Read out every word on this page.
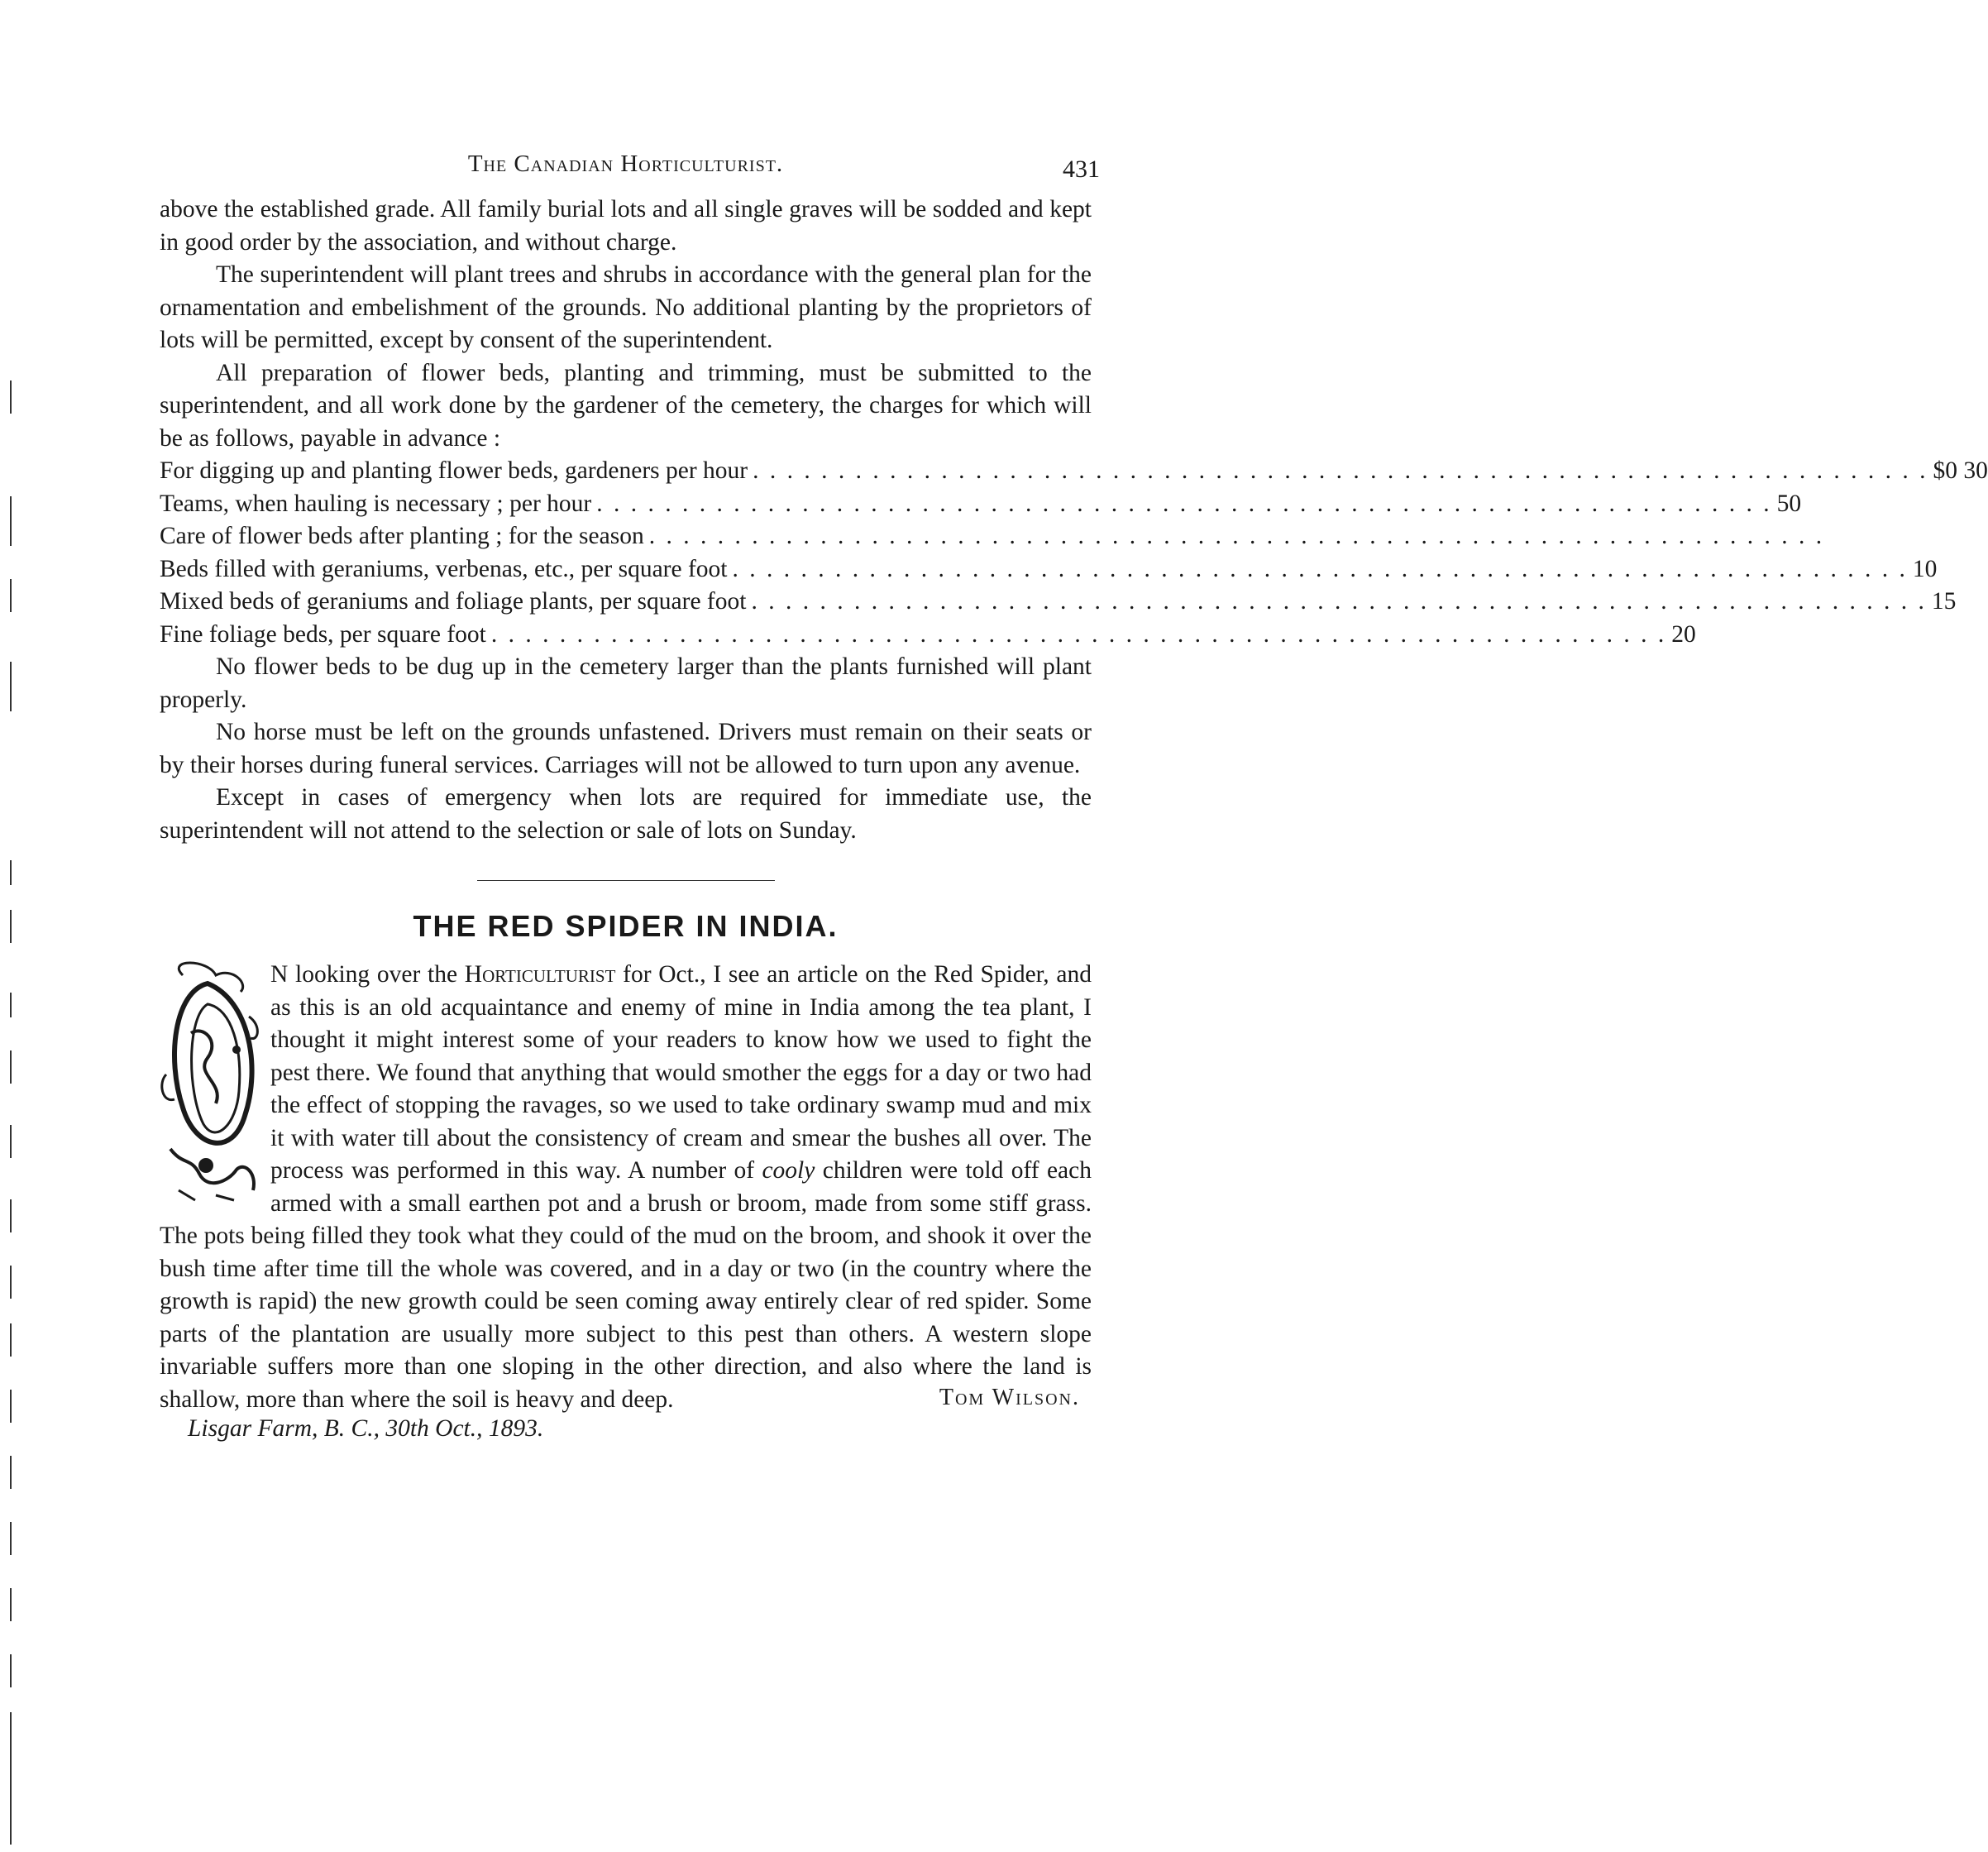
The Canadian Horticulturist.	431

above the established grade. All family burial lots and all single graves will be sodded and kept in good order by the association, and without charge.

The superintendent will plant trees and shrubs in accordance with the general plan for the ornamentation and embelishment of the grounds. No additional planting by the proprietors of lots will be permitted, except by consent of the superintendent.

All preparation of flower beds, planting and trimming, must be submitted to the superintendent, and all work done by the gardener of the cemetery, the charges for which will be as follows, payable in advance :

For digging up and planting flower beds, gardeners per hour . . . . . . . . . . . . . . . . . . . . . . . . . . . . . . . . . . . . . . . . . . . . . . . . . . . . . . . . . . . . . . . . . . . . . $0 30
Teams, when hauling is necessary ; per hour . . . . . . . . . . . . . . . . . . . . . . . . . . . . . . . . . . . . . . . . . . . . . . . . . . . . . . . . . . . . . . . . . . . . . 50
Care of flower beds after planting ; for the season . . . . . . . . . . . . . . . . . . . . . . . . . . . . . . . . . . . . . . . . . . . . . . . . . . . . . . . . . . . . . . . . . . . . .
Beds filled with geraniums, verbenas, etc., per square foot . . . . . . . . . . . . . . . . . . . . . . . . . . . . . . . . . . . . . . . . . . . . . . . . . . . . . . . . . . . . . . . . . . . . . 10
Mixed beds of geraniums and foliage plants, per square foot . . . . . . . . . . . . . . . . . . . . . . . . . . . . . . . . . . . . . . . . . . . . . . . . . . . . . . . . . . . . . . . . . . . . . 15
Fine foliage beds, per square foot . . . . . . . . . . . . . . . . . . . . . . . . . . . . . . . . . . . . . . . . . . . . . . . . . . . . . . . . . . . . . . . . . . . . . 20

No flower beds to be dug up in the cemetery larger than the plants furnished will plant properly.

No horse must be left on the grounds unfastened. Drivers must remain on their seats or by their horses during funeral services. Carriages will not be allowed to turn upon any avenue.

Except in cases of emergency when lots are required for immediate use, the superintendent will not attend to the selection or sale of lots on Sunday.

THE RED SPIDER IN INDIA.

N looking over the Horticulturist for Oct., I see an article on the Red Spider, and as this is an old acquaintance and enemy of mine in India among the tea plant, I thought it might interest some of your readers to know how we used to fight the pest there. We found that anything that would smother the eggs for a day or two had the effect of stopping the ravages, so we used to take ordinary swamp mud and mix it with water till about the consistency of cream and smear the bushes all over. The process was performed in this way. A number of cooly children were told off each armed with a small earthen pot and a brush or broom, made from some stiff grass. The pots being filled they took what they could of the mud on the broom, and shook it over the bush time after time till the whole was covered, and in a day or two (in the country where the growth is rapid) the new growth could be seen coming away entirely clear of red spider. Some parts of the plantation are usually more subject to this pest than others. A western slope invariable suffers more than one sloping in the other direction, and also where the land is shallow, more than where the soil is heavy and deep.	Tom Wilson.
Lisgar Farm, B. C., 30th Oct., 1893.
